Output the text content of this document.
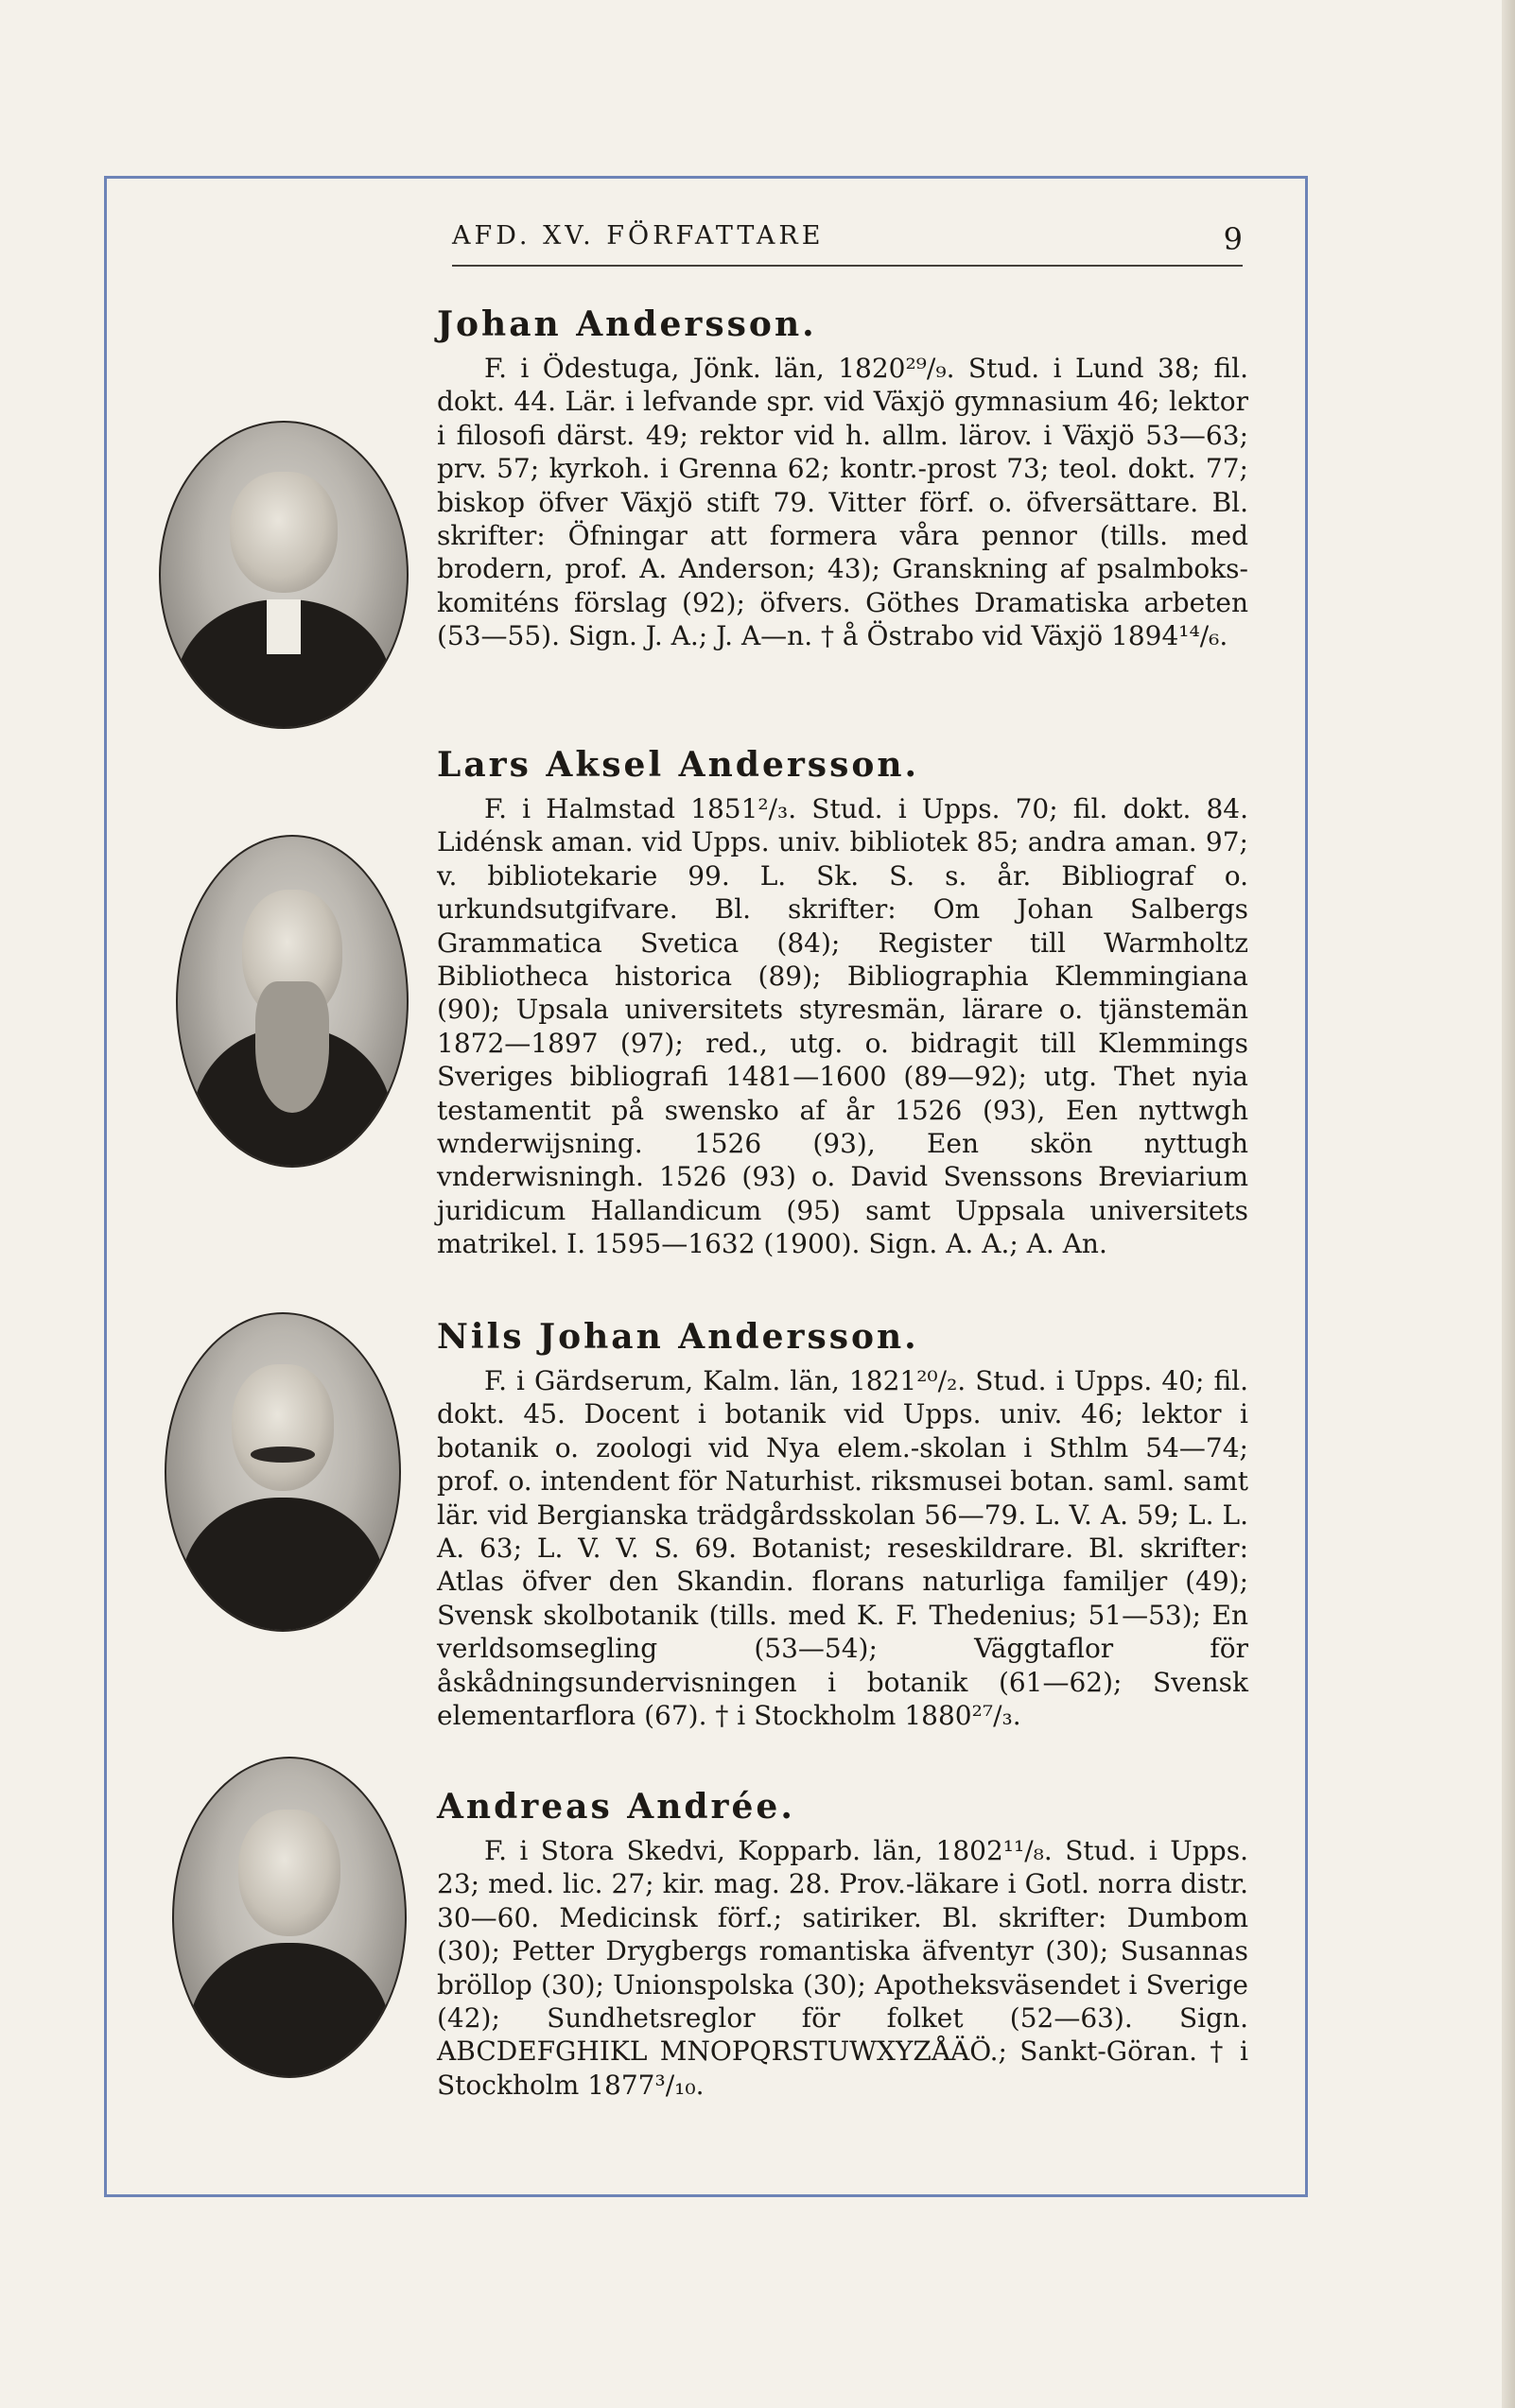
AFD. XV. FÖRFATTARE	9
Johan Andersson.

F. i Ödestuga, Jönk. län, 1820²⁹/₉. Stud. i Lund 38; fil. dokt. 44. Lär. i lefvande spr. vid Växjö gymnasium 46; lektor i filosofi därst. 49; rektor vid h. allm. lärov. i Växjö 53—63; prv. 57; kyrkoh. i Grenna 62; kontr.-prost 73; teol. dokt. 77; biskop öfver Växjö stift 79. Vitter förf. o. öfversättare. Bl. skrifter: Öfningar att formera våra pennor (tills. med brodern, prof. A. Anderson; 43); Granskning af psalmboks-komiténs förslag (92); öfvers. Göthes Dramatiska arbeten (53—55). Sign. J. A.; J. A—n. † å Östrabo vid Växjö 1894¹⁴/₆.

Lars Aksel Andersson.

F. i Halmstad 1851²/₃. Stud. i Upps. 70; fil. dokt. 84. Lidénsk aman. vid Upps. univ. bibliotek 85; andra aman. 97; v. bibliotekarie 99. L. Sk. S. s. år. Bibliograf o. urkundsutgifvare. Bl. skrifter: Om Johan Salbergs Grammatica Svetica (84); Register till Warmholtz Bibliotheca historica (89); Bibliographia Klemmingiana (90); Upsala universitets styresmän, lärare o. tjänstemän 1872—1897 (97); red., utg. o. bidragit till Klemmings Sveriges bibliografi 1481—1600 (89—92); utg. Thet nyia testamentit på swensko af år 1526 (93), Een nyttwgh wnderwijsning. 1526 (93), Een skön nyttugh vnderwisningh. 1526 (93) o. David Svenssons Breviarium juridicum Hallandicum (95) samt Uppsala universitets matrikel. I. 1595—1632 (1900). Sign. A. A.; A. An.

Nils Johan Andersson.

F. i Gärdserum, Kalm. län, 1821²⁰/₂. Stud. i Upps. 40; fil. dokt. 45. Docent i botanik vid Upps. univ. 46; lektor i botanik o. zoologi vid Nya elem.-skolan i Sthlm 54—74; prof. o. intendent för Naturhist. riksmusei botan. saml. samt lär. vid Bergianska trädgårdsskolan 56—79. L. V. A. 59; L. L. A. 63; L. V. V. S. 69. Botanist; reseskildrare. Bl. skrifter: Atlas öfver den Skandin. florans naturliga familjer (49); Svensk skolbotanik (tills. med K. F. Thedenius; 51—53); En verldsomsegling (53—54); Väggtaflor för åskådningsundervisningen i botanik (61—62); Svensk elementarflora (67). † i Stockholm 1880²⁷/₃.

Andreas Andrée.

F. i Stora Skedvi, Kopparb. län, 1802¹¹/₈. Stud. i Upps. 23; med. lic. 27; kir. mag. 28. Prov.-läkare i Gotl. norra distr. 30—60. Medicinsk förf.; satiriker. Bl. skrifter: Dumbom (30); Petter Drygbergs romantiska äfventyr (30); Susannas bröllop (30); Unionspolska (30); Apotheksväsendet i Sverige (42); Sundhetsreglor för folket (52—63). Sign. ABCDEFGHIKL MNOPQRSTUWXYZÅÄÖ.; Sankt-Göran. † i Stockholm 1877³/₁₀.
